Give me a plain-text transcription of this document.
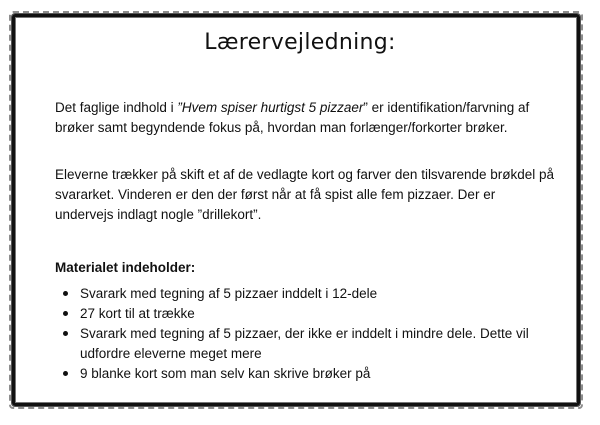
Lærervejledning:

Det faglige indhold i ”Hvem spiser hurtigst 5 pizzaer” er identifikation/farvning af brøker samt begyndende fokus på, hvordan man forlænger/forkorter brøker.

Eleverne trækker på skift et af de vedlagte kort og farver den tilsvarende brøkdel på svararket. Vinderen er den der først når at få spist alle fem pizzaer. Der er undervejs indlagt nogle ”drillekort”.

Materialet indeholder:
Svarark med tegning af 5 pizzaer inddelt i 12-dele
27 kort til at trække
Svarark med tegning af 5 pizzaer, der ikke er inddelt i mindre dele. Dette vil udfordre eleverne meget mere
9 blanke kort som man selv kan skrive brøker på
